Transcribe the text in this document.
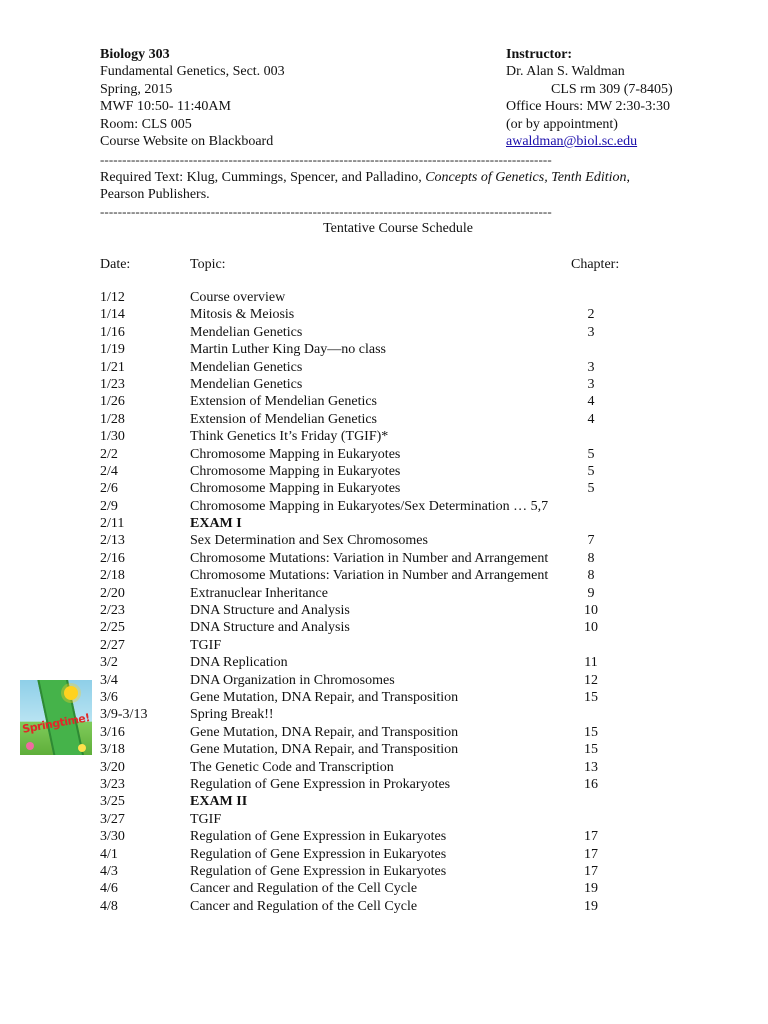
Biology 303
Fundamental Genetics, Sect. 003
Spring, 2015
MWF 10:50- 11:40AM
Room: CLS 005
Course Website on Blackboard
Instructor:
Dr. Alan S. Waldman
CLS rm 309 (7-8405)
Office Hours: MW 2:30-3:30
(or by appointment)
awaldman@biol.sc.edu
------------------------------------------------------------------------------------------------------
Required Text: Klug, Cummings, Spencer, and Palladino, Concepts of Genetics, Tenth Edition,
Pearson Publishers.
------------------------------------------------------------------------------------------------------
Tentative Course Schedule
Date:	Topic:	Chapter:
1/12	Course overview
1/14	Mitosis & Meiosis	2
1/16	Mendelian Genetics	3
1/19	Martin Luther King Day—no class
1/21	Mendelian Genetics	3
1/23	Mendelian Genetics	3
1/26	Extension of Mendelian Genetics	4
1/28	Extension of Mendelian Genetics	4
1/30	Think Genetics It’s Friday (TGIF)*
2/2	Chromosome Mapping in Eukaryotes	5
2/4	Chromosome Mapping in Eukaryotes	5
2/6	Chromosome Mapping in Eukaryotes	5
2/9	Chromosome Mapping in Eukaryotes/Sex Determination … 5,7
2/11	EXAM I
2/13	Sex Determination and Sex Chromosomes	7
2/16	Chromosome Mutations: Variation in Number and Arrangement	8
2/18	Chromosome Mutations: Variation in Number and Arrangement	8
2/20	Extranuclear Inheritance	9
2/23	DNA Structure and Analysis	10
2/25	DNA Structure and Analysis	10
2/27	TGIF
3/2	DNA Replication	11
3/4	DNA Organization in Chromosomes	12
3/6	Gene Mutation, DNA Repair, and Transposition	15
3/9-3/13	Spring Break!!
3/16	Gene Mutation, DNA Repair, and Transposition	15
3/18	Gene Mutation, DNA Repair, and Transposition	15
3/20	The Genetic Code and Transcription	13
3/23	Regulation of Gene Expression in Prokaryotes	16
3/25	EXAM II
3/27	TGIF
3/30	Regulation of Gene Expression in Eukaryotes	17
4/1	Regulation of Gene Expression in Eukaryotes	17
4/3	Regulation of Gene Expression in Eukaryotes	17
4/6	Cancer and Regulation of the Cell Cycle	19
4/8	Cancer and Regulation of the Cell Cycle	19
Springtime!
